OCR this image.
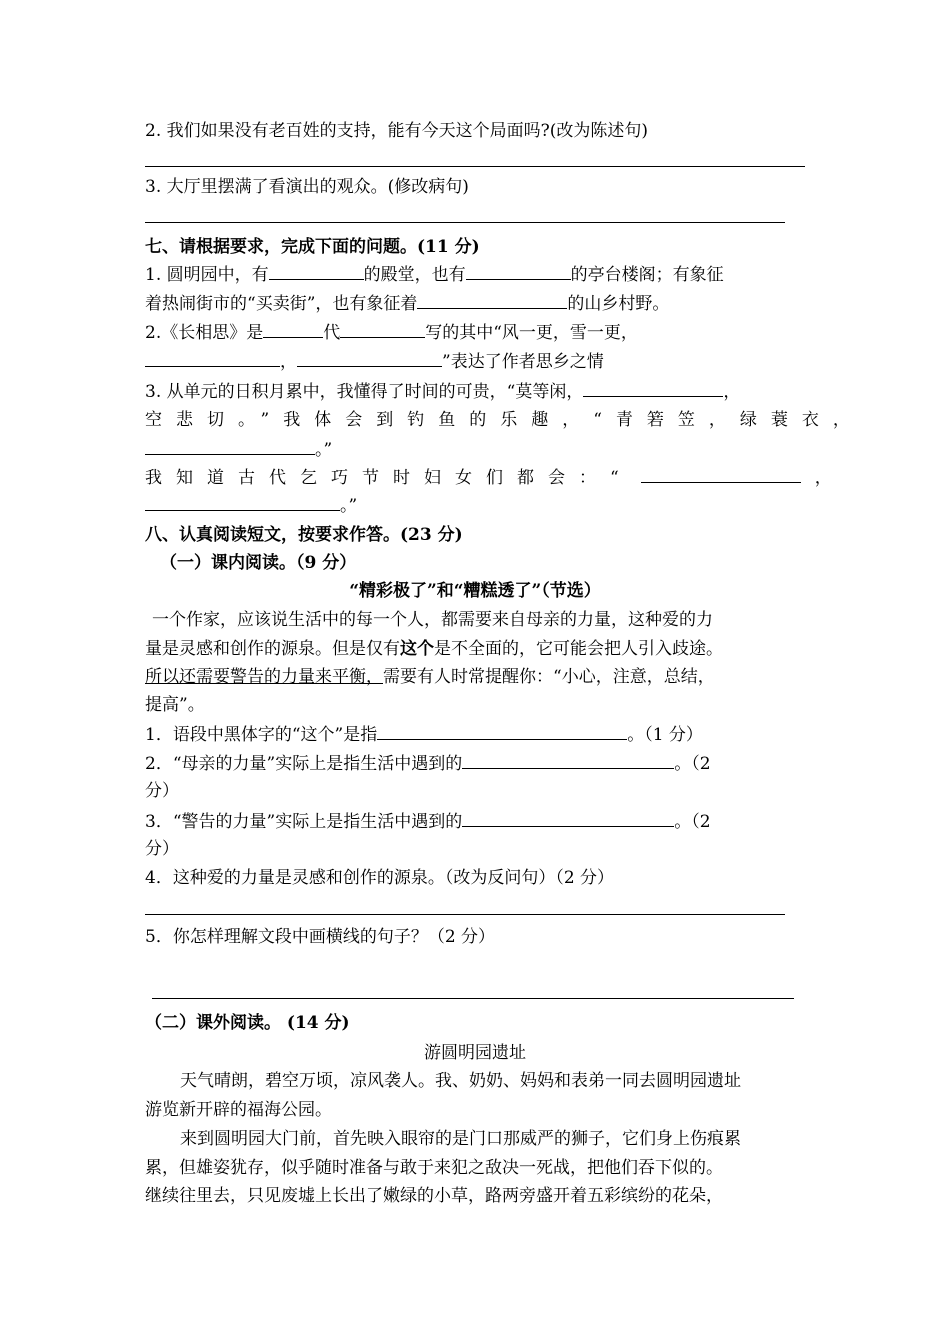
2. 我们如果没有老百姓的支持，能有今天这个局面吗?(改为陈述句)
3. 大厅里摆满了看演出的观众。(修改病句)
七、请根据要求，完成下面的问题。(11 分)
1. 圆明园中，有	的殿堂，也有	的亭台楼阁；有象征
着热闹街市的“买卖街”，也有象征着	的山乡村野。
2.《长相思》是	代	写的其中“风一更，雪一更，
，	”表达了作者思乡之情
3. 从单元的日积月累中，我懂得了时间的可贵，“莫等闲，	，
空悲切。”我体会到钓鱼的乐趣，“青箬笠，绿蓑衣，
。”
我知道古代乞巧节时妇女们都会：“	，
。”
八、认真阅读短文，按要求作答。(23 分)
（一）课内阅读。（9 分）
“精彩极了”和“糟糕透了”（节选）
一个作家，应该说生活中的每一个人，都需要来自母亲的力量，这种爱的力
量是灵感和创作的源泉。但是仅有这个是不全面的，它可能会把人引入歧途。
所以还需要警告的力量来平衡，需要有人时常提醒你：“小心，注意，总结，
提高”。
1．语段中黑体字的“这个”是指	。（1 分）
2．“母亲的力量”实际上是指生活中遇到的	。（2
分）
3．“警告的力量”实际上是指生活中遇到的	。（2
分）
4．这种爱的力量是灵感和创作的源泉。（改为反问句）（2 分）
5．你怎样理解文段中画横线的句子？（2 分）
（二）课外阅读。 (14 分)
游圆明园遗址
天气晴朗，碧空万顷，凉风袭人。我、奶奶、妈妈和表弟一同去圆明园遗址
游览新开辟的福海公园。
来到圆明园大门前，首先映入眼帘的是门口那威严的狮子，它们身上伤痕累
累，但雄姿犹存，似乎随时准备与敢于来犯之敌决一死战，把他们吞下似的。
继续往里去，只见废墟上长出了嫩绿的小草，路两旁盛开着五彩缤纷的花朵，
